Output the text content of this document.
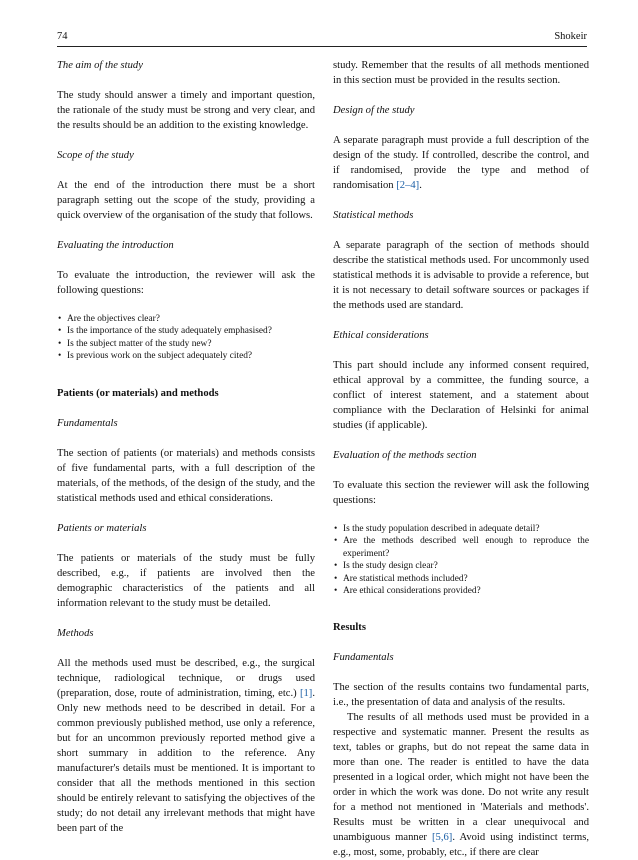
74	Shokeir
The aim of the study
The study should answer a timely and important question, the rationale of the study must be strong and very clear, and the results should be an addition to the existing knowledge.
Scope of the study
At the end of the introduction there must be a short paragraph setting out the scope of the study, providing a quick overview of the organisation of the study that follows.
Evaluating the introduction
To evaluate the introduction, the reviewer will ask the following questions:
• Are the objectives clear?
• Is the importance of the study adequately emphasised?
• Is the subject matter of the study new?
• Is previous work on the subject adequately cited?
Patients (or materials) and methods
Fundamentals
The section of patients (or materials) and methods consists of five fundamental parts, with a full description of the materials, of the methods, of the design of the study, and the statistical methods used and ethical considerations.
Patients or materials
The patients or materials of the study must be fully described, e.g., if patients are involved then the demographic characteristics of the patients and all information relevant to the study must be detailed.
Methods
All the methods used must be described, e.g., the surgical technique, radiological technique, or drugs used (preparation, dose, route of administration, timing, etc.) [1]. Only new methods need to be described in detail. For a common previously published method, use only a reference, but for an uncommon previously reported method give a short summary in addition to the reference. Any manufacturer's details must be mentioned. It is important to consider that all the methods mentioned in this section should be entirely relevant to satisfying the objectives of the study; do not detail any irrelevant methods that might have been part of the
study. Remember that the results of all methods mentioned in this section must be provided in the results section.
Design of the study
A separate paragraph must provide a full description of the design of the study. If controlled, describe the control, and if randomised, provide the type and method of randomisation [2–4].
Statistical methods
A separate paragraph of the section of methods should describe the statistical methods used. For uncommonly used statistical methods it is advisable to provide a reference, but it is not necessary to detail software sources or packages if the methods used are standard.
Ethical considerations
This part should include any informed consent required, ethical approval by a committee, the funding source, a conflict of interest statement, and a statement about compliance with the Declaration of Helsinki for animal studies (if applicable).
Evaluation of the methods section
To evaluate this section the reviewer will ask the following questions:
• Is the study population described in adequate detail?
• Are the methods described well enough to reproduce the experiment?
• Is the study design clear?
• Are statistical methods included?
• Are ethical considerations provided?
Results
Fundamentals
The section of the results contains two fundamental parts, i.e., the presentation of data and analysis of the results.
The results of all methods used must be provided in a respective and systematic manner. Present the results as text, tables or graphs, but do not repeat the same data in more than one. The reader is entitled to have the data presented in a logical order, which might not have been the order in which the work was done. Do not write any result for a method not mentioned in 'Materials and methods'. Results must be written in a clear unequivocal and unambiguous manner [5,6]. Avoid using indistinct terms, e.g., most, some, probably, etc., if there are clear
